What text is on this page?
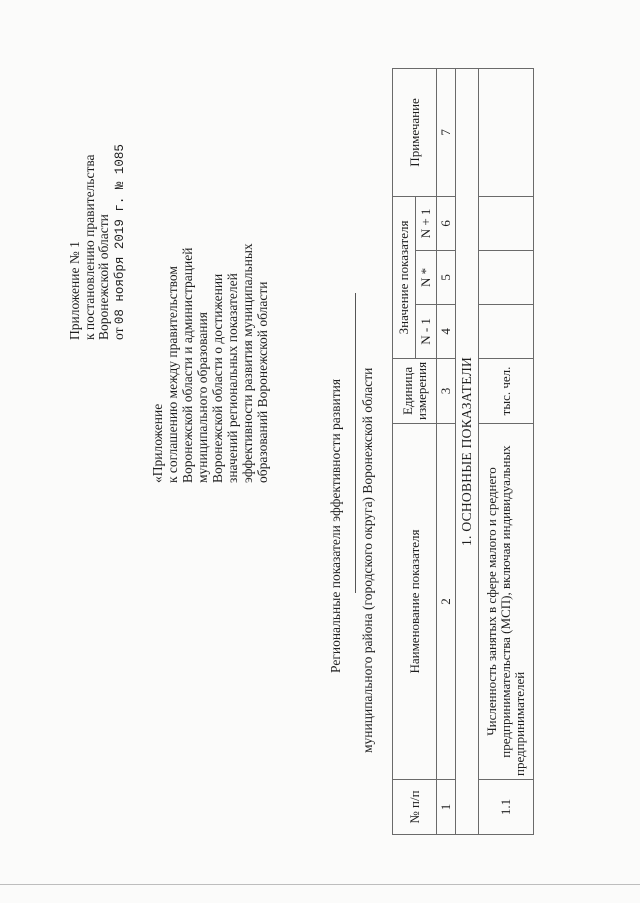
Приложение № 1 к постановлению правительства Воронежской области от 08 ноября 2019 г. № 1085
«Приложение к соглашению между правительством Воронежской области и администрацией муниципального образования Воронежской области о достижении значений региональных показателей эффективности развития муниципальных образований Воронежской области	Региональные показатели эффективности развития муниципального района (городского округа) Воронежской области
№ п/п	Наименование показателя	Единица измерения	Значение показателя			Примечание
			N - 1	N *	N + 1	
1	2	3	4	5	6	7
1. ОСНОВНЫЕ ПОКАЗАТЕЛИ						
1.1	Численность занятых в сфере малого и среднего предпринимательства (МСП), включая индивидуальных предпринимателей	тыс. чел.				
